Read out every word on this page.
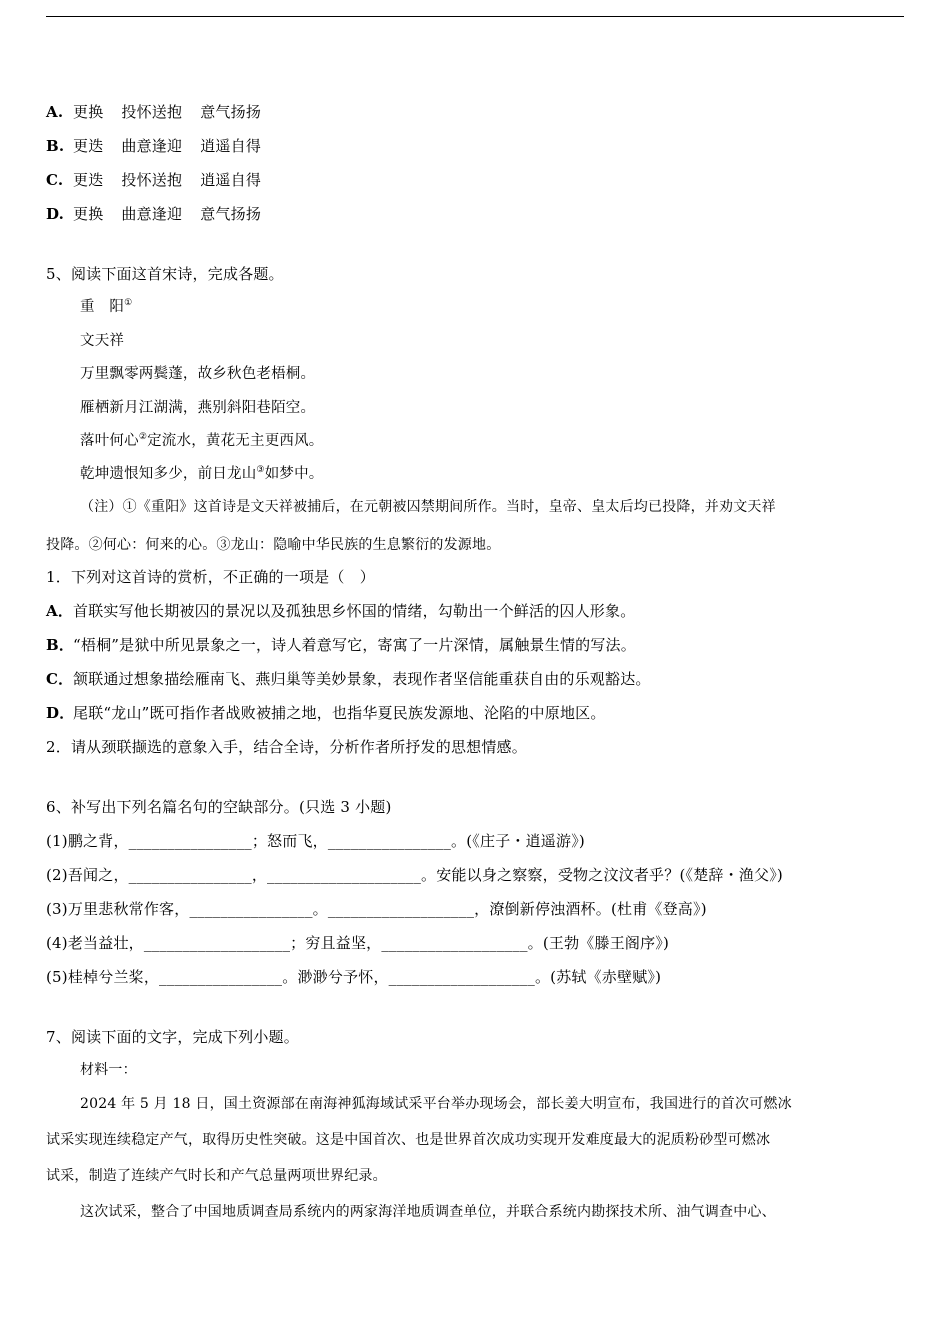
A. 更换 投怀送抱 意气扬扬
B. 更迭 曲意逢迎 逍遥自得
C. 更迭 投怀送抱 逍遥自得
D. 更换 曲意逢迎 意气扬扬
5、阅读下面这首宋诗，完成各题。
重　阳①
文天祥
万里飘零两鬓蓬，故乡秋色老梧桐。
雁栖新月江湖满，燕别斜阳巷陌空。
落叶何心②定流水，黄花无主更西风。
乾坤遗恨知多少，前日龙山③如梦中。
（注）①《重阳》这首诗是文天祥被捕后，在元朝被囚禁期间所作。当时，皇帝、皇太后均已投降，并劝文天祥
投降。②何心：何来的心。③龙山：隐喻中华民族的生息繁衍的发源地。
1．下列对这首诗的赏析，不正确的一项是（　）
A．首联实写他长期被囚的景况以及孤独思乡怀国的情绪，勾勒出一个鲜活的囚人形象。
B．“梧桐”是狱中所见景象之一，诗人着意写它，寄寓了一片深情，属触景生情的写法。
C．颔联通过想象描绘雁南飞、燕归巢等美妙景象，表现作者坚信能重获自由的乐观豁达。
D．尾联“龙山”既可指作者战败被捕之地，也指华夏民族发源地、沦陷的中原地区。
2．请从颈联撷选的意象入手，结合全诗，分析作者所抒发的思想情感。
6、补写出下列名篇名句的空缺部分。(只选 3 小题)
(1)鹏之背，________________；怒而飞，________________。(《庄子・逍遥游》)
(2)吾闻之，________________，____________________。安能以身之察察，受物之汶汶者乎？(《楚辞・渔父》)
(3)万里悲秋常作客，________________。___________________，潦倒新停浊酒杯。(杜甫《登高》)
(4)老当益壮，___________________；穷且益坚，___________________。(王勃《滕王阁序》)
(5)桂棹兮兰桨，________________。渺渺兮予怀，___________________。(苏轼《赤壁赋》)
7、阅读下面的文字，完成下列小题。
材料一：
2024 年 5 月 18 日，国土资源部在南海神狐海域试采平台举办现场会，部长姜大明宣布，我国进行的首次可燃冰
试采实现连续稳定产气，取得历史性突破。这是中国首次、也是世界首次成功实现开发难度最大的泥质粉砂型可燃冰
试采，制造了连续产气时长和产气总量两项世界纪录。
这次试采，整合了中国地质调查局系统内的两家海洋地质调查单位，并联合系统内勘探技术所、油气调查中心、
